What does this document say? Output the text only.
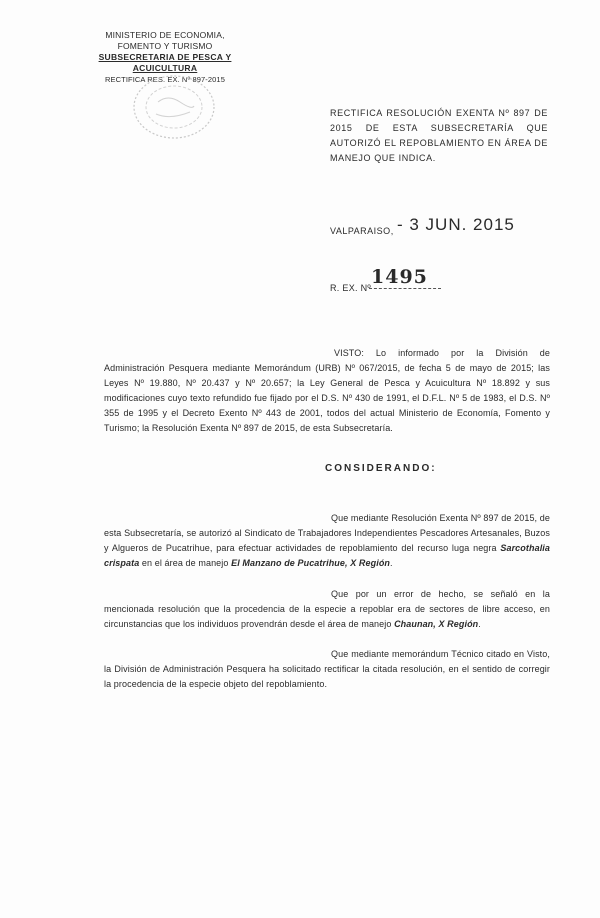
MINISTERIO DE ECONOMIA,
FOMENTO Y TURISMO
SUBSECRETARIA DE PESCA Y ACUICULTURA
RECTIFICA RES. EX. Nº 897-2015
RECTIFICA RESOLUCIÓN EXENTA Nº 897 DE 2015 DE ESTA SUBSECRETARÍA QUE AUTORIZÓ EL REPOBLAMIENTO EN ÁREA DE MANEJO QUE INDICA.
VALPARAISO, - 3 JUN. 2015
R. EX. Nº 1495
VISTO: Lo informado por la División de Administración Pesquera mediante Memorándum (URB) Nº 067/2015, de fecha 5 de mayo de 2015; las Leyes Nº 19.880, Nº 20.437 y Nº 20.657; la Ley General de Pesca y Acuicultura Nº 18.892 y sus modificaciones cuyo texto refundido fue fijado por el D.S. Nº 430 de 1991, el D.F.L. Nº 5 de 1983, el D.S. Nº 355 de 1995 y el Decreto Exento Nº 443 de 2001, todos del actual Ministerio de Economía, Fomento y Turismo; la Resolución Exenta Nº 897 de 2015, de esta Subsecretaría.
CONSIDERANDO:
Que mediante Resolución Exenta Nº 897 de 2015, de esta Subsecretaría, se autorizó al Sindicato de Trabajadores Independientes Pescadores Artesanales, Buzos y Algueros de Pucatrihue, para efectuar actividades de repoblamiento del recurso luga negra Sarcothalia crispata en el área de manejo El Manzano de Pucatrihue, X Región.
Que por un error de hecho, se señaló en la mencionada resolución que la procedencia de la especie a repoblar era de sectores de libre acceso, en circunstancias que los individuos provendrán desde el área de manejo Chaunan, X Región.
Que mediante memorándum Técnico citado en Visto, la División de Administración Pesquera ha solicitado rectificar la citada resolución, en el sentido de corregir la procedencia de la especie objeto del repoblamiento.
